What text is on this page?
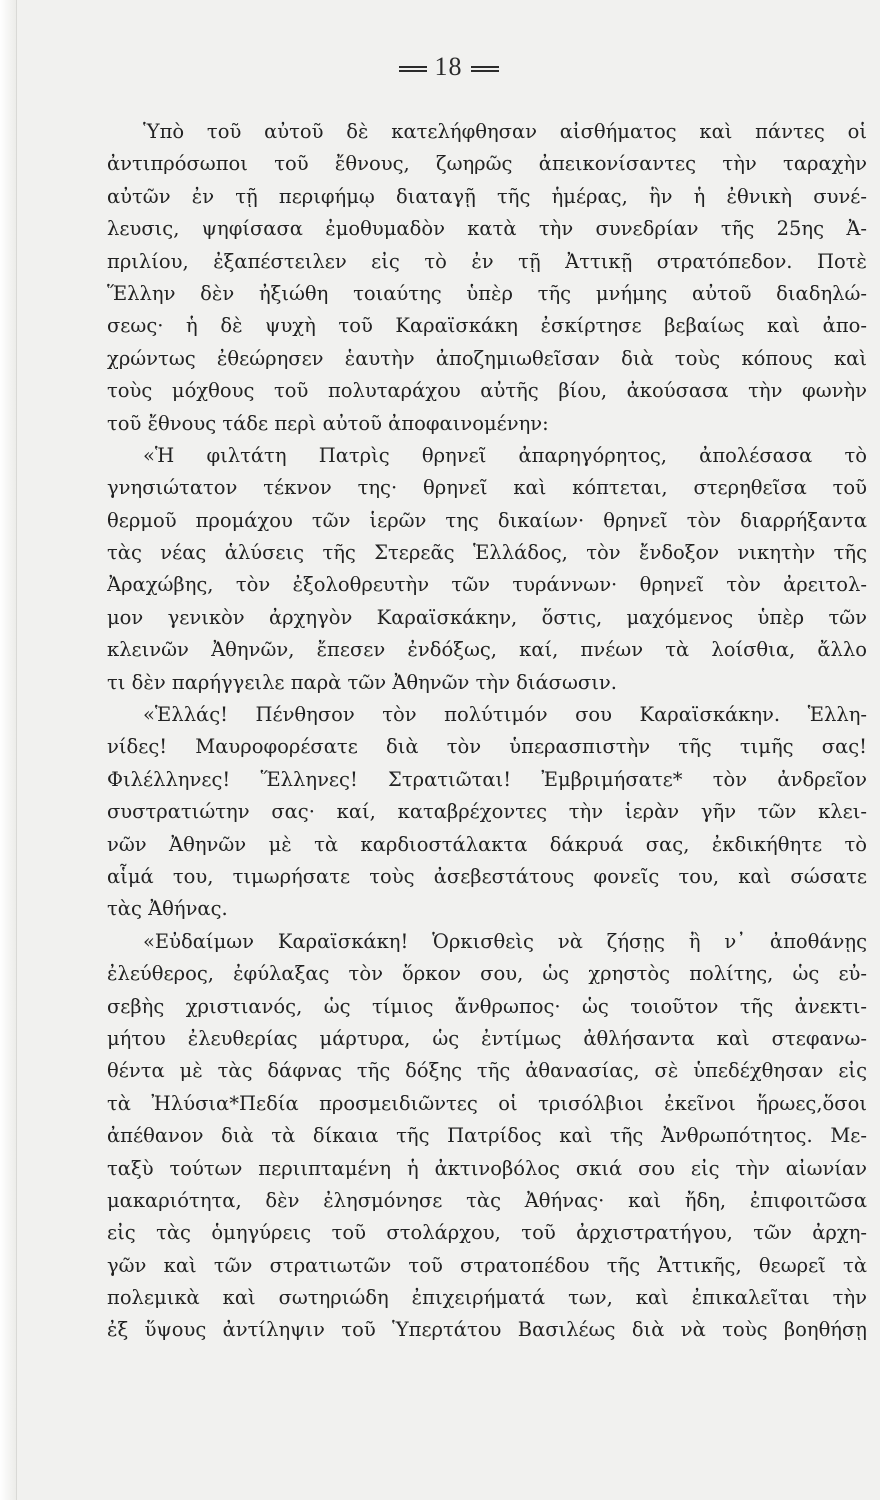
18
Ὑπὸ τοῦ αὐτοῦ δὲ κατελήφθησαν αἰσθήματος καὶ πάντες οἱ
ἀντιπρόσωποι τοῦ ἔθνους, ζωηρῶς ἀπεικονίσαντες τὴν ταραχὴν
αὐτῶν ἐν τῇ περιφήμῳ διαταγῇ τῆς ἡμέρας, ἣν ἡ ἐθνικὴ συνέ-
λευσις, ψηφίσασα ἐμοθυμαδὸν κατὰ τὴν συνεδρίαν τῆς 25ης Ἀ-
πριλίου, ἐξαπέστειλεν εἰς τὸ ἐν τῇ Ἀττικῇ στρατόπεδον. Ποτὲ
Ἕλλην δὲν ἠξιώθη τοιαύτης ὑπὲρ τῆς μνήμης αὐτοῦ διαδηλώ-
σεως· ἡ δὲ ψυχὴ τοῦ Καραϊσκάκη ἐσκίρτησε βεβαίως καὶ ἀπο-
χρώντως ἐθεώρησεν ἑαυτὴν ἀποζημιωθεῖσαν διὰ τοὺς κόπους καὶ
τοὺς μόχθους τοῦ πολυταράχου αὐτῆς βίου, ἀκούσασα τὴν φωνὴν
τοῦ ἔθνους τάδε περὶ αὐτοῦ ἀποφαινομένην:
«Ἡ φιλτάτη Πατρὶς θρηνεῖ ἀπαρηγόρητος, ἀπολέσασα τὸ
γνησιώτατον τέκνον της· θρηνεῖ καὶ κόπτεται, στερηθεῖσα τοῦ
θερμοῦ προμάχου τῶν ἱερῶν της δικαίων· θρηνεῖ τὸν διαρρήξαντα
τὰς νέας ἁλύσεις τῆς Στερεᾶς Ἑλλάδος, τὸν ἔνδοξον νικητὴν τῆς
Ἀραχώβης, τὸν ἐξολοθρευτὴν τῶν τυράννων· θρηνεῖ τὸν ἀρειτολ-
μον γενικὸν ἀρχηγὸν Καραϊσκάκην, ὅστις, μαχόμενος ὑπὲρ τῶν
κλεινῶν Ἀθηνῶν, ἔπεσεν ἐνδόξως, καί, πνέων τὰ λοίσθια, ἄλλο
τι δὲν παρήγγειλε παρὰ τῶν Ἀθηνῶν τὴν διάσωσιν.
«Ἑλλάς! Πένθησον τὸν πολύτιμόν σου Καραϊσκάκην. Ἑλλη-
νίδες! Μαυροφορέσατε διὰ τὸν ὑπερασπιστὴν τῆς τιμῆς σας!
Φιλέλληνες! Ἕλληνες! Στρατιῶται! Ἐμβριμήσατε* τὸν ἀνδρεῖον
συστρατιώτην σας· καί, καταβρέχοντες τὴν ἱερὰν γῆν τῶν κλει-
νῶν Ἀθηνῶν μὲ τὰ καρδιοστάλακτα δάκρυά σας, ἐκδικήθητε τὸ
αἷμά του, τιμωρήσατε τοὺς ἀσεβεστάτους φονεῖς του, καὶ σώσατε
τὰς Ἀθήνας.
«Εὐδαίμων Καραϊσκάκη! Ὁρκισθεὶς νὰ ζήσῃς ἢ ν᾽ ἀποθάνῃς
ἐλεύθερος, ἐφύλαξας τὸν ὅρκον σου, ὡς χρηστὸς πολίτης, ὡς εὐ-
σεβὴς χριστιανός, ὡς τίμιος ἄνθρωπος· ὡς τοιοῦτον τῆς ἀνεκτι-
μήτου ἐλευθερίας μάρτυρα, ὡς ἐντίμως ἀθλήσαντα καὶ στεφανω-
θέντα μὲ τὰς δάφνας τῆς δόξης τῆς ἀθανασίας, σὲ ὑπεδέχθησαν εἰς
τὰ Ἠλύσια*Πεδία προσμειδιῶντες οἱ τρισόλβιοι ἐκεῖνοι ἥρωες,ὅσοι
ἀπέθανον διὰ τὰ δίκαια τῆς Πατρίδος καὶ τῆς Ἀνθρωπότητος. Με-
ταξὺ τούτων περιιπταμένη ἡ ἀκτινοβόλος σκιά σου εἰς τὴν αἰωνίαν
μακαριότητα, δὲν ἐλησμόνησε τὰς Ἀθήνας· καὶ ἤδη, ἐπιφοιτῶσα
εἰς τὰς ὁμηγύρεις τοῦ στολάρχου, τοῦ ἀρχιστρατήγου, τῶν ἀρχη-
γῶν καὶ τῶν στρατιωτῶν τοῦ στρατοπέδου τῆς Ἀττικῆς, θεωρεῖ τὰ
πολεμικὰ καὶ σωτηριώδη ἐπιχειρήματά των, καὶ ἐπικαλεῖται τὴν
ἐξ ὕψους ἀντίληψιν τοῦ Ὑπερτάτου Βασιλέως διὰ νὰ τοὺς βοηθήσῃ
